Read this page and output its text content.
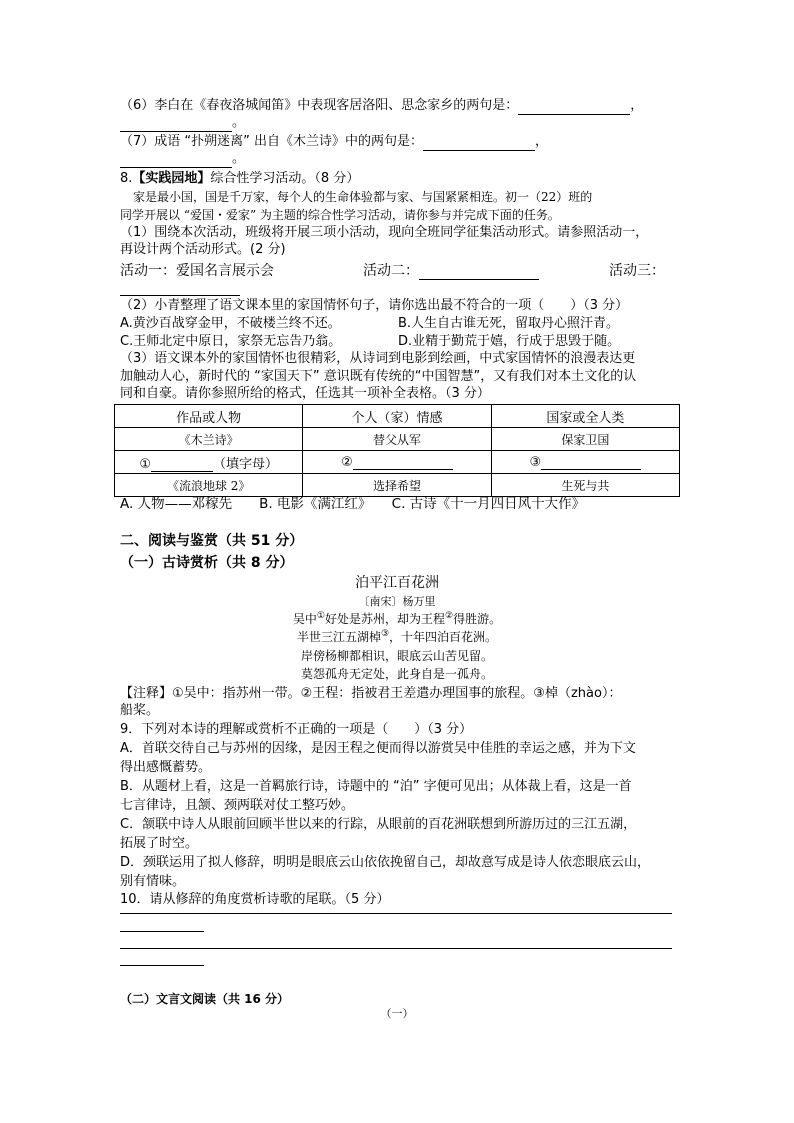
（6）李白在《春夜洛城闻笛》中表现客居洛阳、思念家乡的两句是：	，
。
（7）成语 “扑朔迷离” 出自《木兰诗》中的两句是：	，
。
8.【实践园地】综合性学习活动。（8 分）
家是最小国，国是千万家，每个人的生命体验都与家、与国紧紧相连。初一（22）班的
同学开展以 “爱国・爱家” 为主题的综合性学习活动，请你参与并完成下面的任务。
（1）围绕本次活动，班级将开展三项小活动，现向全班同学征集活动形式。请参照活动一，
再设计两个活动形式。(2 分)
活动一：爱国名言展示会	活动二：	活动三：
（2）小青整理了语文课本里的家国情怀句子，请你选出最不符合的一项（　　）（3 分）
A.黄沙百战穿金甲，不破楼兰终不还。	B.人生自古谁无死，留取丹心照汗青。
C.王师北定中原日，家祭无忘告乃翁。	D.业精于勤荒于嬉，行成于思毁于随。
（3）语文课本外的家国情怀也很精彩，从诗词到电影到绘画，中式家国情怀的浪漫表达更
加触动人心，新时代的 “家国天下” 意识既有传统的“中国智慧”，又有我们对本土文化的认
同和自豪。请你参照所给的格式，任选其一项补全表格。（3 分）
作品或人物	个人（家）情感	国家或全人类
《木兰诗》	替父从军	保家卫国
① （填字母）	②	③
《流浪地球 2》	选择希望	生死与共
A. 人物——邓稼先　　B. 电影《满江红》　　C. 古诗《十一月四日风十大作》
二、阅读与鉴赏（共 51 分）
（一）古诗赏析（共 8 分）
泊平江百花洲
〔南宋〕杨万里
吴中①好处是苏州，却为王程②得胜游。
半世三江五湖棹③，十年四泊百花洲。
岸傍杨柳都相识，眼底云山苦见留。
莫怨孤舟无定处，此身自是一孤舟。
【注释】①吴中：指苏州一带。②王程：指被君王差遣办理国事的旅程。③棹（zhào）：
船桨。
9．下列对本诗的理解或赏析不正确的一项是（　　）（3 分）
A．首联交待自己与苏州的因缘，是因王程之便而得以游赏吴中佳胜的幸运之感，并为下文
得出感慨蓄势。
B．从题材上看，这是一首羁旅行诗，诗题中的 “泊” 字便可见出；从体裁上看，这是一首
七言律诗，且颔、颈两联对仗工整巧妙。
C．颔联中诗人从眼前回顾半世以来的行踪，从眼前的百花洲联想到所游历过的三江五湖，
拓展了时空。
D．颈联运用了拟人修辞，明明是眼底云山依依挽留自己，却故意写成是诗人依恋眼底云山，
别有情味。
10．请从修辞的角度赏析诗歌的尾联。（5 分）
（二）文言文阅读（共 16 分）
（一）
